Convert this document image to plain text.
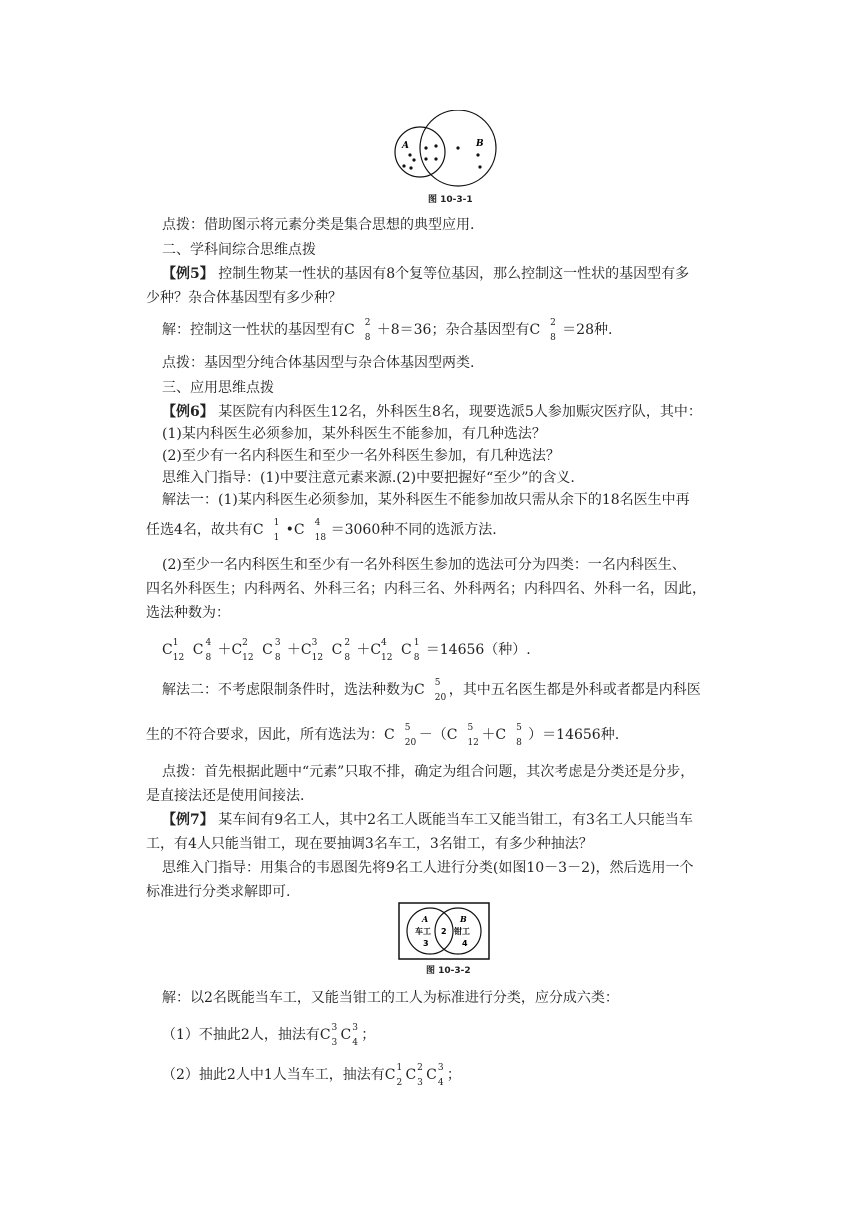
A	B
图 10-3-1
点拨：借助图示将元素分类是集合思想的典型应用.
二、学科间综合思维点拨
【例5】 控制生物某一性状的基因有8个复等位基因，那么控制这一性状的基因型有多
少种？杂合体基因型有多少种？
解：控制这一性状的基因型有C 2
8 ＋8＝36；杂合基因型有C 2
8 ＝28种.
点拨：基因型分纯合体基因型与杂合体基因型两类.
三、应用思维点拨
【例6】 某医院有内科医生12名，外科医生8名，现要选派5人参加赈灾医疗队，其中：
(1)某内科医生必须参加，某外科医生不能参加，有几种选法？
(2)至少有一名内科医生和至少一名外科医生参加，有几种选法？
思维入门指导：(1)中要注意元素来源.(2)中要把握好“至少”的含义.
解法一：(1)某内科医生必须参加，某外科医生不能参加故只需从余下的18名医生中再
任选4名，故共有C 1
1 •C 4
18 ＝3060种不同的选派方法.
(2)至少一名内科医生和至少有一名外科医生参加的选法可分为四类：一名内科医生、
四名外科医生；内科两名、外科三名；内科三名、外科两名；内科四名、外科一名，因此，
选法种数为：
C 1
12 C 4
8 ＋C 2
12 C 3
8 ＋C 3
12 C 2
8 ＋C 4
12 C 1
8 ＝14656（种）.
解法二：不考虑限制条件时，选法种数为C 5
20 ，其中五名医生都是外科或者都是内科医
生的不符合要求，因此，所有选法为：C 5
20 －（C 5
12 ＋C 5
8 ）＝14656种.
点拨：首先根据此题中“元素”只取不排，确定为组合问题，其次考虑是分类还是分步，
是直接法还是使用间接法.
【例7】 某车间有9名工人，其中2名工人既能当车工又能当钳工，有3名工人只能当车
工，有4人只能当钳工，现在要抽调3名车工，3名钳工，有多少种抽法？
思维入门指导：用集合的韦恩图先将9名工人进行分类(如图10－3－2)，然后选用一个
标准进行分类求解即可.
A
车工
3
2
B
钳工
4
图 10-3-2
解：以2名既能当车工，又能当钳工的工人为标准进行分类，应分成六类：
（1）不抽此2人，抽法有C 3
3 C 3
4 ；
（2）抽此2人中1人当车工，抽法有C 1
2 C 2
3 C 3
4 ；
